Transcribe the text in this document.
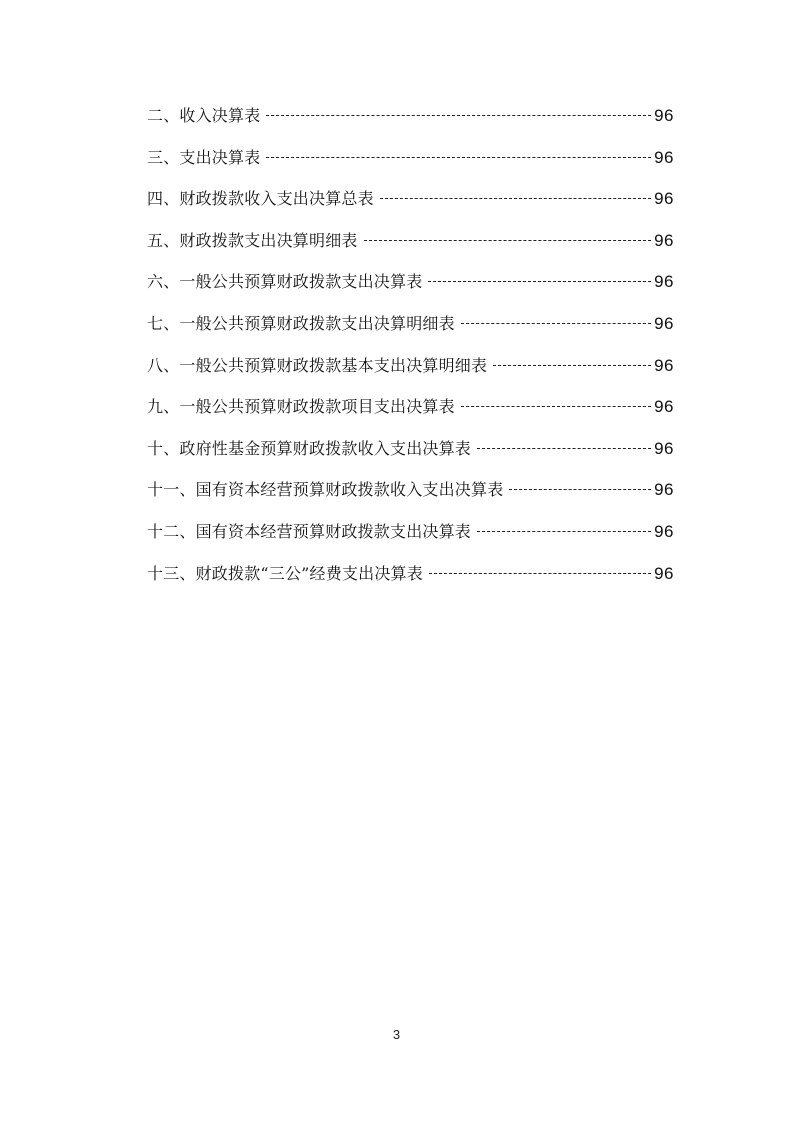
二、收入决算表	96
三、支出决算表	96
四、财政拨款收入支出决算总表	96
五、财政拨款支出决算明细表	96
六、一般公共预算财政拨款支出决算表	96
七、一般公共预算财政拨款支出决算明细表	96
八、一般公共预算财政拨款基本支出决算明细表	96
九、一般公共预算财政拨款项目支出决算表	96
十、政府性基金预算财政拨款收入支出决算表	96
十一、国有资本经营预算财政拨款收入支出决算表	96
十二、国有资本经营预算财政拨款支出决算表	96
十三、财政拨款“三公”经费支出决算表	96
3
